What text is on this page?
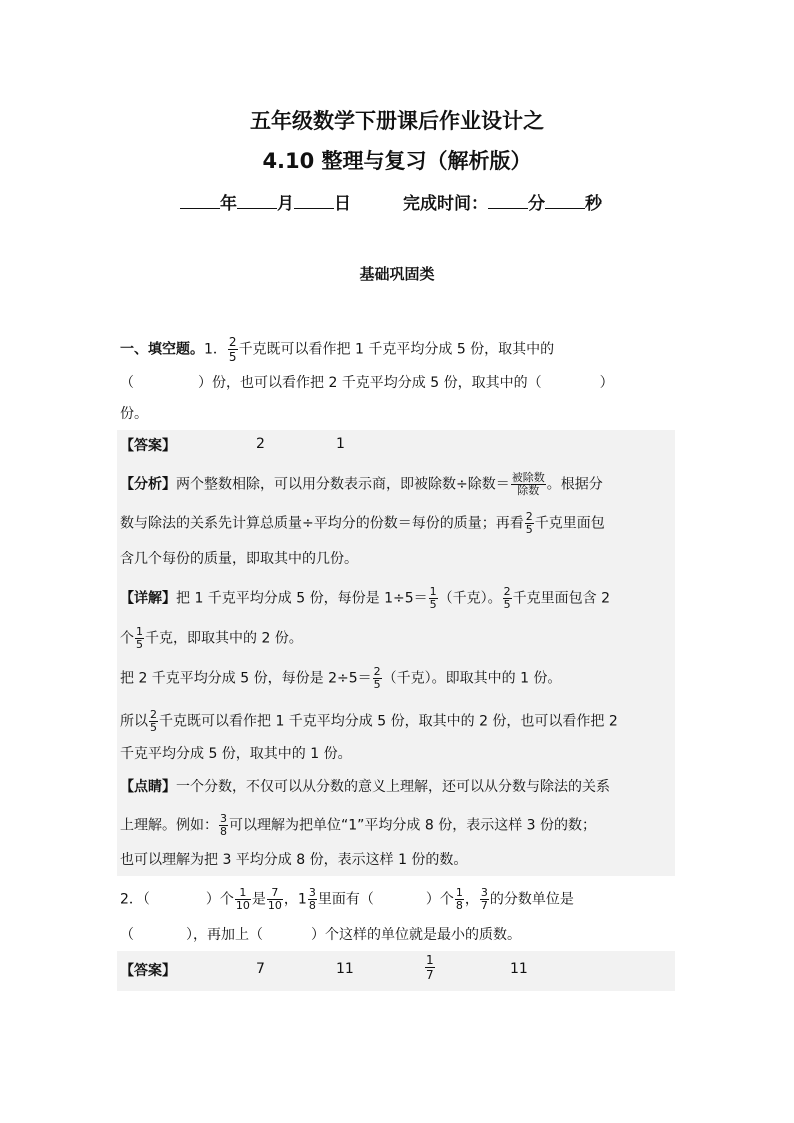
五年级数学下册课后作业设计之
4.10 整理与复习（解析版）
年 月 日	完成时间： 分 秒
基础巩固类
一、填空题。1． $\frac{2}{5}$ 千克既可以看作把 1 千克平均分成 5 份，取其中的
（	）份，也可以看作把 2 千克平均分成 5 份，取其中的（	）
份。
【答案】	2	1
【分析】两个整数相除，可以用分数表示商，即被除数÷除数＝ $\frac{\text{被除数}}{\text{除数}}$ 。根据分
数与除法的关系先计算总质量÷平均分的份数＝每份的质量；再看 $\frac{2}{5}$ 千克里面包
含几个每份的质量，即取其中的几份。
【详解】把 1 千克平均分成 5 份，每份是 $1\div 5= \frac{1}{5}$ （千克）。 $\frac{2}{5}$ 千克里面包含 2
个 $\frac{1}{5}$ 千克，即取其中的 2 份。
把 2 千克平均分成 5 份，每份是 $2\div 5= \frac{2}{5}$ （千克）。即取其中的 1 份。
所以 $\frac{2}{5}$ 千克既可以看作把 1 千克平均分成 5 份，取其中的 2 份，也可以看作把 2
千克平均分成 5 份，取其中的 1 份。
【点睛】一个分数，不仅可以从分数的意义上理解，还可以从分数与除法的关系
上理解。例如： $\frac{3}{8}$ 可以理解为把单位“1”平均分成 8 份，表示这样 3 份的数；
也可以理解为把 3 平均分成 8 份，表示这样 1 份的数。
2．（	）个 $\frac{1}{10}$ 是 $\frac{7}{10}$ ，$1 \frac{3}{8}$ 里面有（	）个 $\frac{1}{8}$ ， $\frac{3}{7}$ 的分数单位是
（	），再加上（	）个这样的单位就是最小的质数。
【答案】	7	11	$\frac{1}{7}$	11
